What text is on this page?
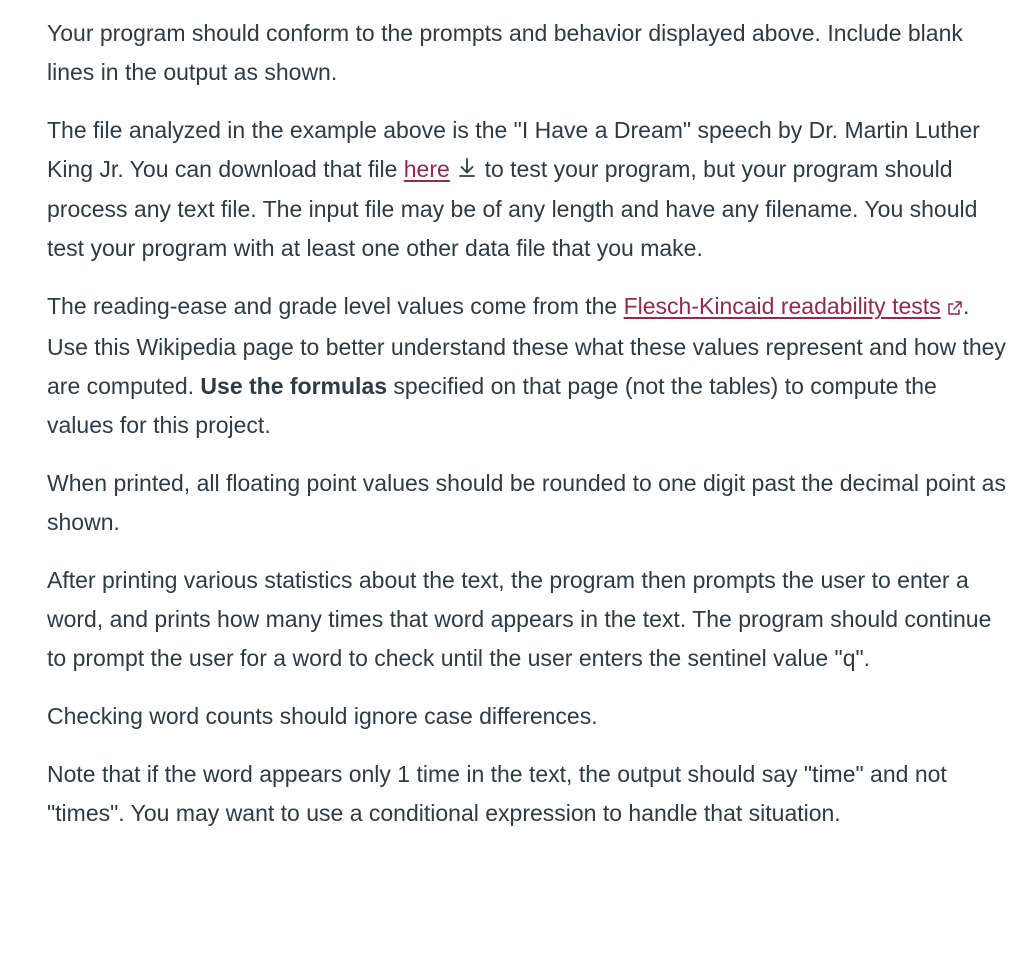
Your program should conform to the prompts and behavior displayed above. Include blank lines in the output as shown.

The file analyzed in the example above is the "I Have a Dream" speech by Dr. Martin Luther King Jr. You can download that file here  to test your program, but your program should process any text file. The input file may be of any length and have any filename. You should test your program with at least one other data file that you make.

The reading-ease and grade level values come from the Flesch-Kincaid readability tests . Use this Wikipedia page to better understand these what these values represent and how they are computed. Use the formulas specified on that page (not the tables) to compute the values for this project.

When printed, all floating point values should be rounded to one digit past the decimal point as shown.

After printing various statistics about the text, the program then prompts the user to enter a word, and prints how many times that word appears in the text. The program should continue to prompt the user for a word to check until the user enters the sentinel value "q".

Checking word counts should ignore case differences.

Note that if the word appears only 1 time in the text, the output should say "time" and not "times". You may want to use a conditional expression to handle that situation.
